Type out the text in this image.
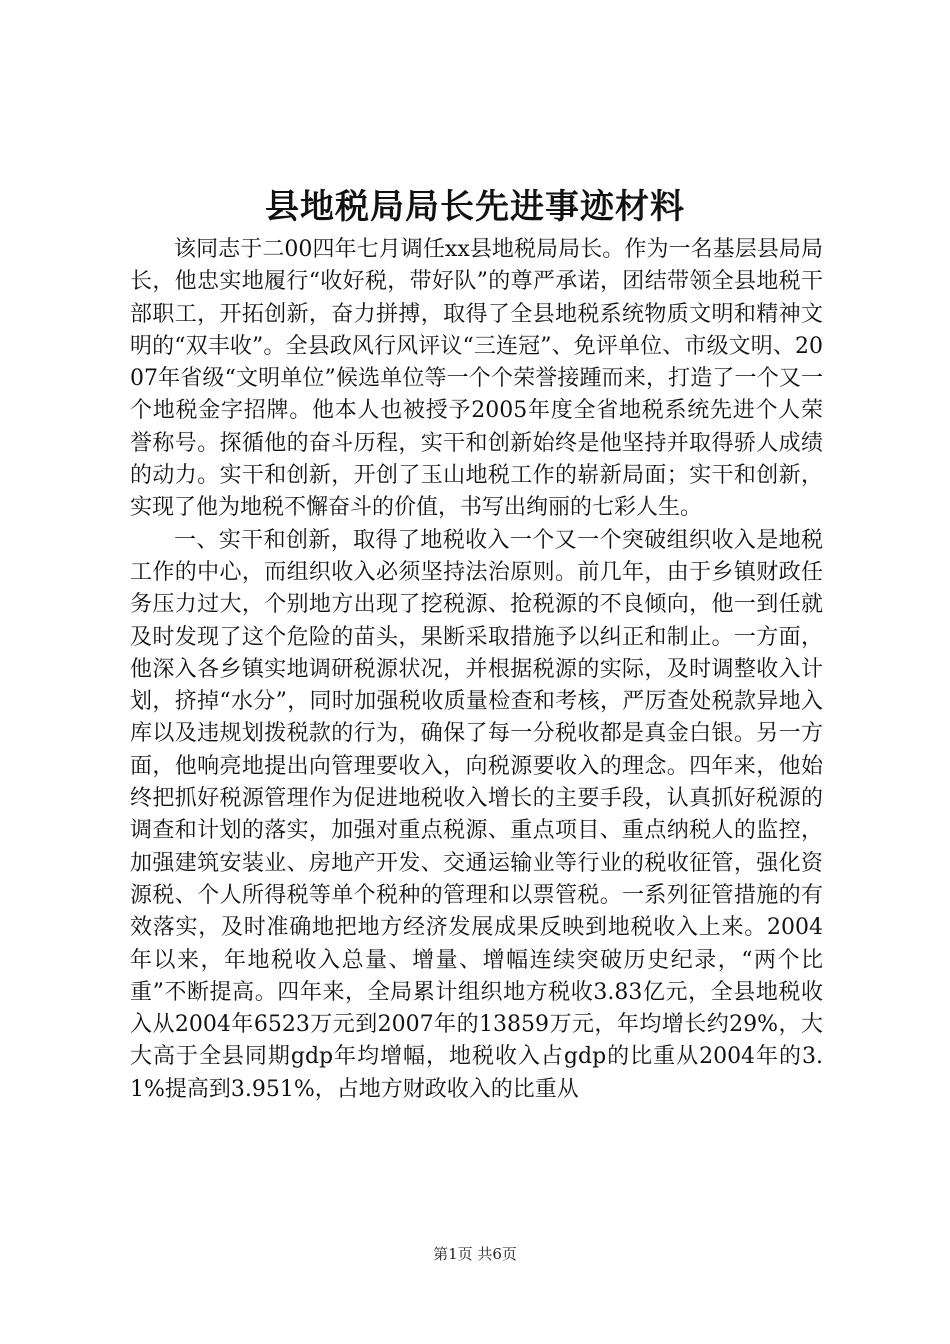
县地税局局长先进事迹材料

该同志于二00四年七月调任xx县地税局局长。作为一名基层县局局长，他忠实地履行“收好税，带好队”的尊严承诺，团结带领全县地税干部职工，开拓创新，奋力拼搏，取得了全县地税系统物质文明和精神文明的“双丰收”。全县政风行风评议“三连冠”、免评单位、市级文明、2007年省级“文明单位”候选单位等一个个荣誉接踵而来，打造了一个又一个地税金字招牌。他本人也被授予2005年度全省地税系统先进个人荣誉称号。探循他的奋斗历程，实干和创新始终是他坚持并取得骄人成绩的动力。实干和创新，开创了玉山地税工作的崭新局面；实干和创新，实现了他为地税不懈奋斗的价值，书写出绚丽的七彩人生。

一、实干和创新，取得了地税收入一个又一个突破组织收入是地税工作的中心，而组织收入必须坚持法治原则。前几年，由于乡镇财政任务压力过大，个别地方出现了挖税源、抢税源的不良倾向，他一到任就及时发现了这个危险的苗头，果断采取措施予以纠正和制止。一方面，他深入各乡镇实地调研税源状况，并根据税源的实际，及时调整收入计划，挤掉“水分”，同时加强税收质量检查和考核，严厉查处税款异地入库以及违规划拨税款的行为，确保了每一分税收都是真金白银。另一方面，他响亮地提出向管理要收入，向税源要收入的理念。四年来，他始终把抓好税源管理作为促进地税收入增长的主要手段，认真抓好税源的调查和计划的落实，加强对重点税源、重点项目、重点纳税人的监控，加强建筑安装业、房地产开发、交通运输业等行业的税收征管，强化资源税、个人所得税等单个税种的管理和以票管税。一系列征管措施的有效落实，及时准确地把地方经济发展成果反映到地税收入上来。2004年以来，年地税收入总量、增量、增幅连续突破历史纪录，“两个比重”不断提高。四年来，全局累计组织地方税收3.83亿元，全县地税收入从2004年6523万元到2007年的13859万元，年均增长约29%，大大高于全县同期gdp年均增幅，地税收入占gdp的比重从2004年的3.1%提高到3.951%，占地方财政收入的比重从

第1页 共6页
